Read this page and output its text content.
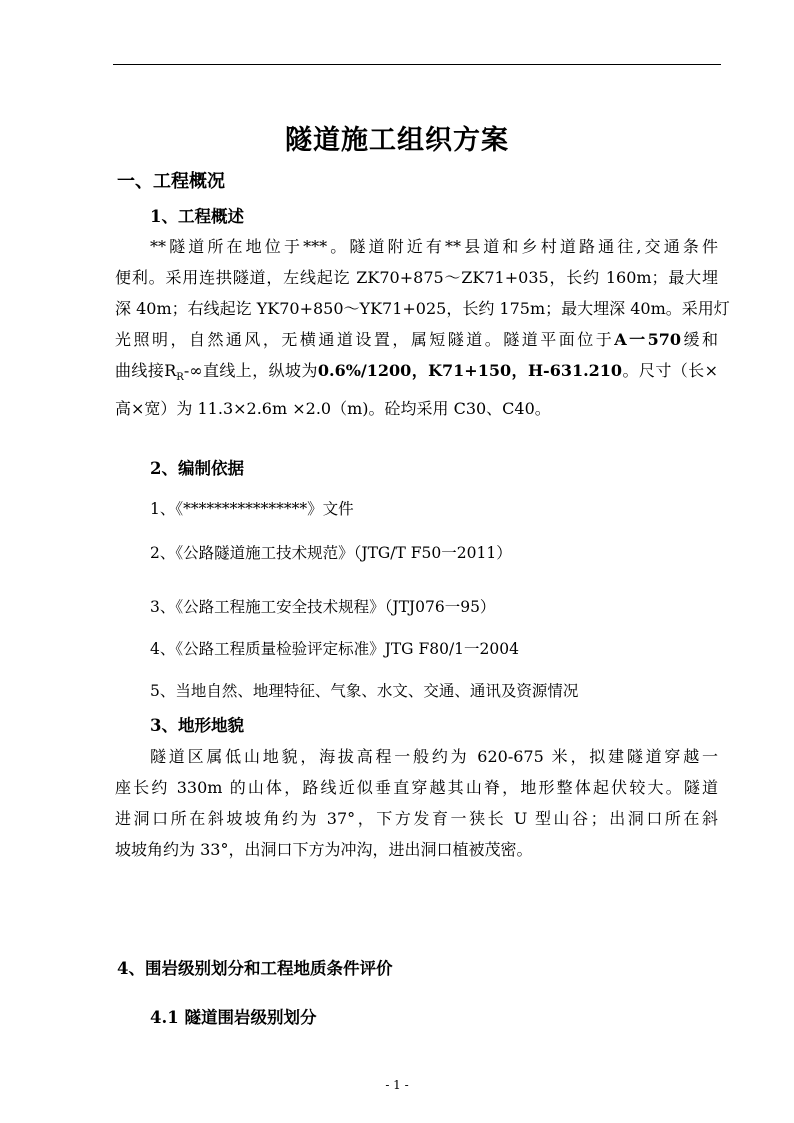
隧道施工组织方案
一、工程概况
1、工程概述
**隧道所在地位于***。隧道附近有**县道和乡村道路通往,交通条件
便利。采用连拱隧道，左线起讫 ZK70+875～ZK71+035，长约 160m；最大埋
深 40m；右线起讫 YK70+850～YK71+025，长约 175m；最大埋深 40m。采用灯
光照明，自然通风，无横通道设置，属短隧道。隧道平面位于A一570缓和
曲线接$R_R-\infty$直线上，纵坡为0.6%/1200，K71+150，H-631.210。尺寸（长×
高×宽）为 11.3×2.6m ×2.0（m)。砼均采用 C30、C40。
2、编制依据
1、《****************》文件
2、《公路隧道施工技术规范》（JTG/T F50一2011）
3、《公路工程施工安全技术规程》（JTJ076一95）
4、《公路工程质量检验评定标准》JTG F80/1一2004
5、当地自然、地理特征、气象、水文、交通、通讯及资源情况
3、地形地貌
隧道区属低山地貌，海拔高程一般约为 620-675 米，拟建隧道穿越一
座长约 330m 的山体，路线近似垂直穿越其山脊，地形整体起伏较大。隧道
进洞口所在斜坡坡角约为 37°，下方发育一狭长 U 型山谷；出洞口所在斜
坡坡角约为 33°，出洞口下方为冲沟，进出洞口植被茂密。
4、围岩级别划分和工程地质条件评价
4.1 隧道围岩级别划分
- 1 -
